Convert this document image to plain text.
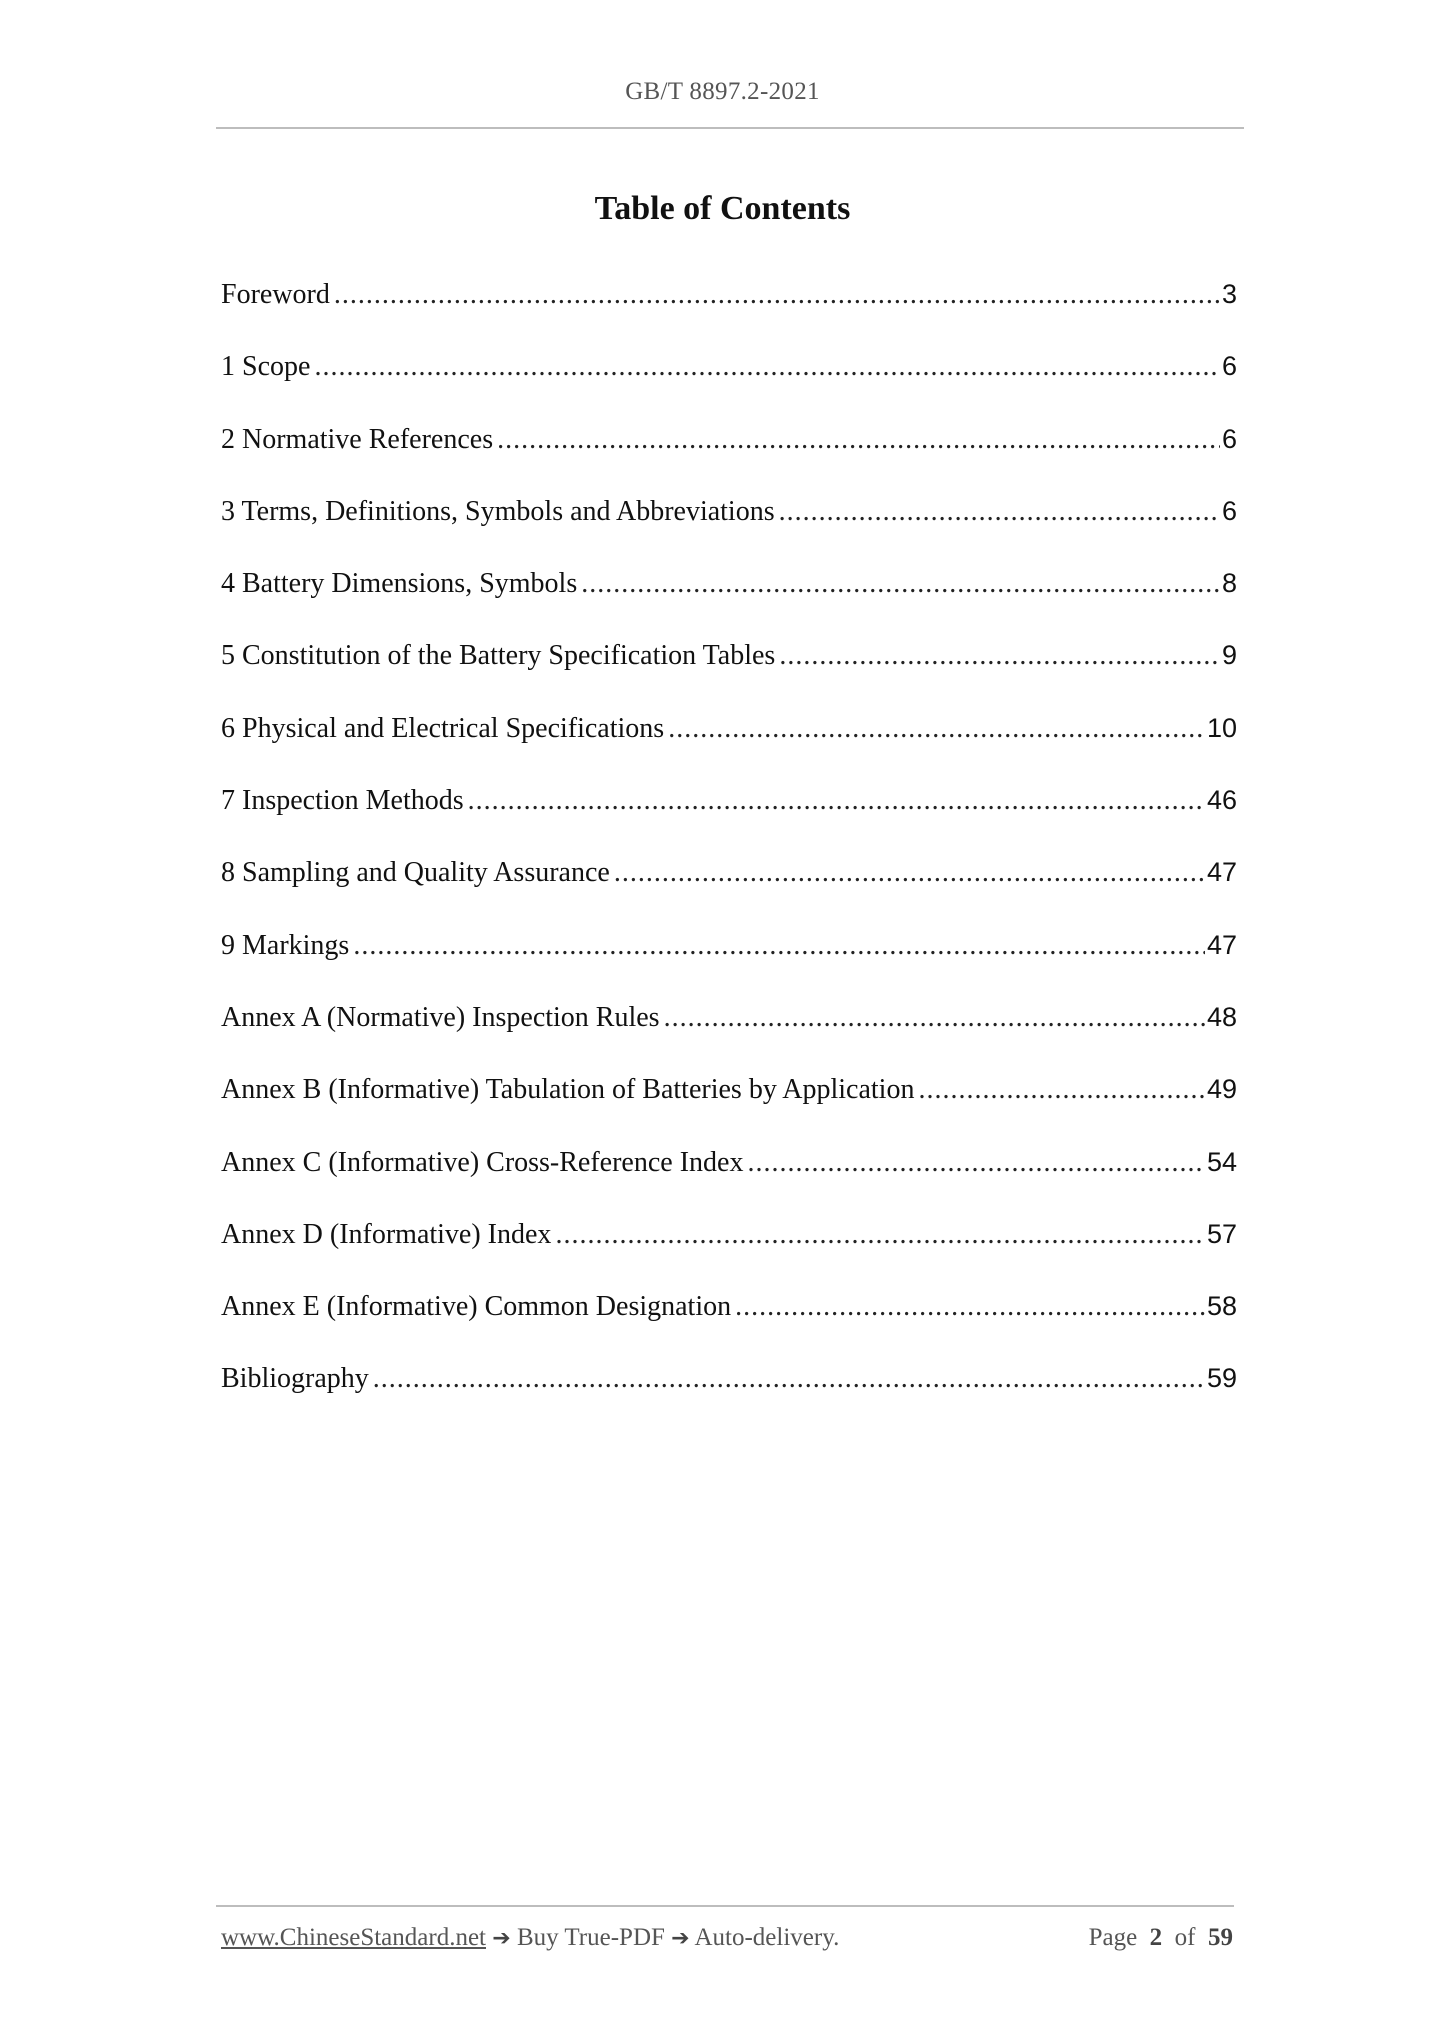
GB/T 8897.2-2021
Table of Contents
Foreword .....	3
1 Scope .....	6
2 Normative References .....	6
3 Terms, Definitions, Symbols and Abbreviations .....	6
4 Battery Dimensions, Symbols .....	8
5 Constitution of the Battery Specification Tables .....	9
6 Physical and Electrical Specifications .....	10
7 Inspection Methods .....	46
8 Sampling and Quality Assurance .....	47
9 Markings .....	47
Annex A (Normative) Inspection Rules .....	48
Annex B (Informative) Tabulation of Batteries by Application .....	49
Annex C (Informative) Cross-Reference Index .....	54
Annex D (Informative) Index .....	57
Annex E (Informative) Common Designation .....	58
Bibliography .....	59
www.ChineseStandard.net ➔ Buy True-PDF ➔ Auto-delivery.	Page 2 of 59
